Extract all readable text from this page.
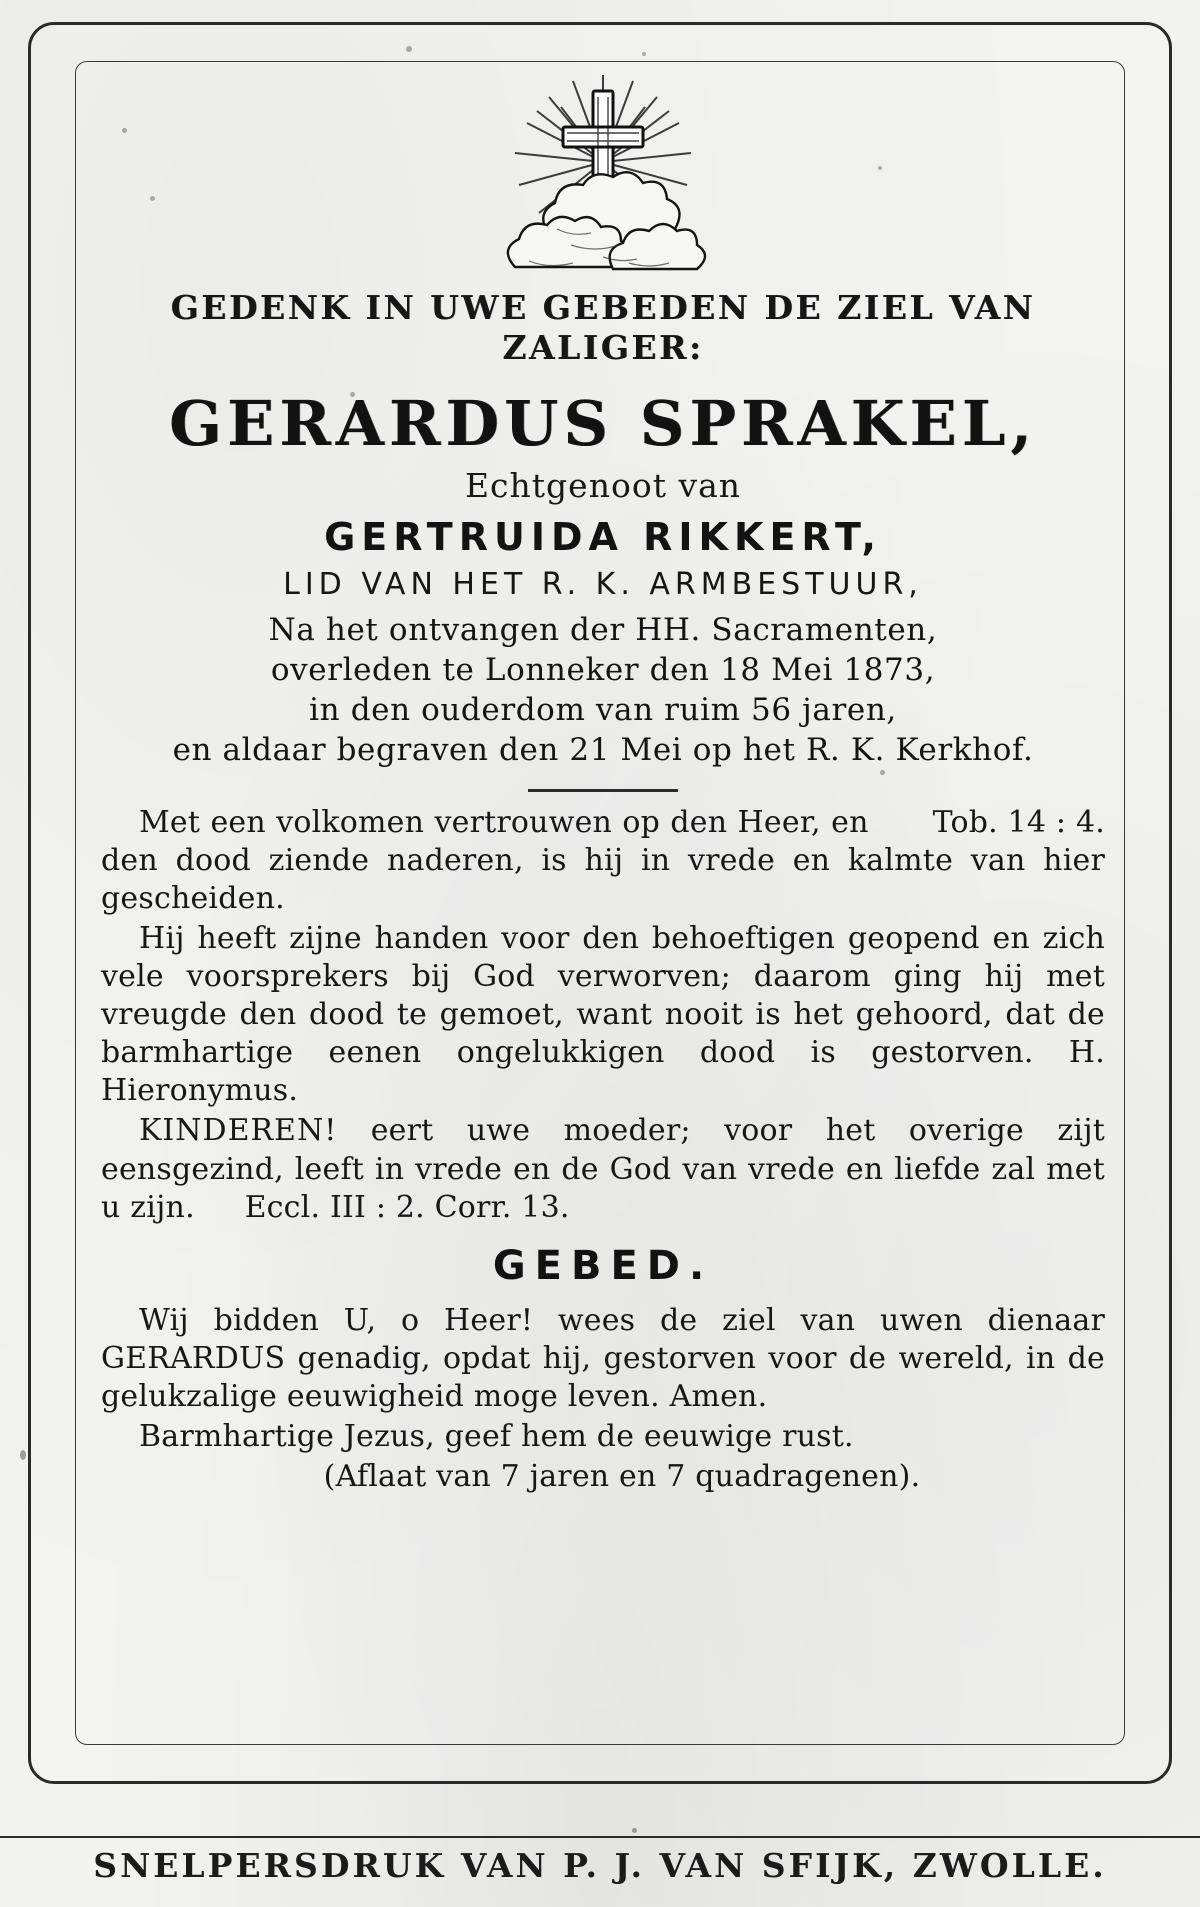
GEDENK IN UWE GEBEDEN DE ZIEL VAN
ZALIGER:
GERARDUS SPRAKEL,
Echtgenoot van
GERTRUIDA RIKKERT,
LID VAN HET R. K. ARMBESTUUR,
Na het ontvangen der HH. Sacramenten,
overleden te Lonneker den 18 Mei 1873,
in den ouderdom van ruim 56 jaren,
en aldaar begraven den 21 Mei op het R. K. Kerkhof.

Tob. 14 : 4.
Met een volkomen vertrouwen op den Heer, en den dood ziende naderen, is hij in vrede en kalmte van hier gescheiden.

Hij heeft zijne handen voor den behoeftigen geopend en zich vele voorsprekers bij God verworven; daarom ging hij met vreugde den dood te gemoet, want nooit is het gehoord, dat de barmhartige eenen ongelukkigen dood is gestorven. H. Hieronymus.

KINDEREN! eert uwe moeder; voor het overige zijt eensgezind, leeft in vrede en de God van vrede en liefde zal met u zijn. Eccl. III : 2. Corr. 13.

GEBED.

Wij bidden U, o Heer! wees de ziel van uwen dienaar GERARDUS genadig, opdat hij, gestorven voor de wereld, in de gelukzalige eeuwigheid moge leven. Amen.

Barmhartige Jezus, geef hem de eeuwige rust.

(Aflaat van 7 jaren en 7 quadragenen).

SNELPERSDRUK VAN P. J. VAN SFIJK, ZWOLLE.
